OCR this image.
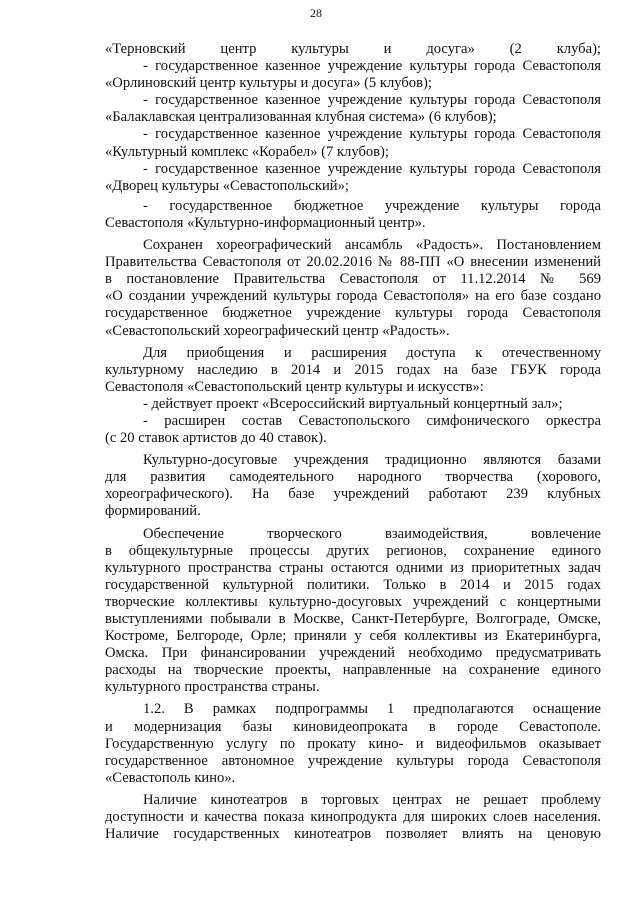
28
«Терновский центр культуры и досуга» (2 клуба);
- государственное казенное учреждение культуры города Севастополя
«Орлиновский центр культуры и досуга» (5 клубов);
- государственное казенное учреждение культуры города Севастополя
«Балаклавская централизованная клубная система» (6 клубов);
- государственное казенное учреждение культуры города Севастополя
«Культурный комплекс «Корабел» (7 клубов);
- государственное казенное учреждение культуры города Севастополя
«Дворец культуры «Севастопольский»;
- государственное бюджетное учреждение культуры города
Севастополя «Культурно-информационный центр».
Сохранен хореографический ансамбль «Радость». Постановлением
Правительства Севастополя от 20.02.2016 № 88-ПП «О внесении изменений
в постановление Правительства Севастополя от 11.12.2014 № 569
«О создании учреждений культуры города Севастополя» на его базе создано
государственное бюджетное учреждение культуры города Севастополя
«Севастопольский хореографический центр «Радость».
Для приобщения и расширения доступа к отечественному
культурному наследию в 2014 и 2015 годах на базе ГБУК города
Севастополя «Севастопольский центр культуры и искусств»:
- действует проект «Всероссийский виртуальный концертный зал»;
- расширен состав Севастопольского симфонического оркестра
(с 20 ставок артистов до 40 ставок).
Культурно-досуговые учреждения традиционно являются базами
для развития самодеятельного народного творчества (хорового,
хореографического). На базе учреждений работают 239 клубных
формирований.
Обеспечение творческого взаимодействия, вовлечение
в общекультурные процессы других регионов, сохранение единого
культурного пространства страны остаются одними из приоритетных задач
государственной культурной политики. Только в 2014 и 2015 годах
творческие коллективы культурно-досуговых учреждений с концертными
выступлениями побывали в Москве, Санкт-Петербурге, Волгограде, Омске,
Костроме, Белгороде, Орле; приняли у себя коллективы из Екатеринбурга,
Омска. При финансировании учреждений необходимо предусматривать
расходы на творческие проекты, направленные на сохранение единого
культурного пространства страны.
1.2. В рамках подпрограммы 1 предполагаются оснащение
и модернизация базы киновидеопроката в городе Севастополе.
Государственную услугу по прокату кино- и видеофильмов оказывает
государственное автономное учреждение культуры города Севастополя
«Севастополь кино».
Наличие кинотеатров в торговых центрах не решает проблему
доступности и качества показа кинопродукта для широких слоев населения.
Наличие государственных кинотеатров позволяет влиять на ценовую
